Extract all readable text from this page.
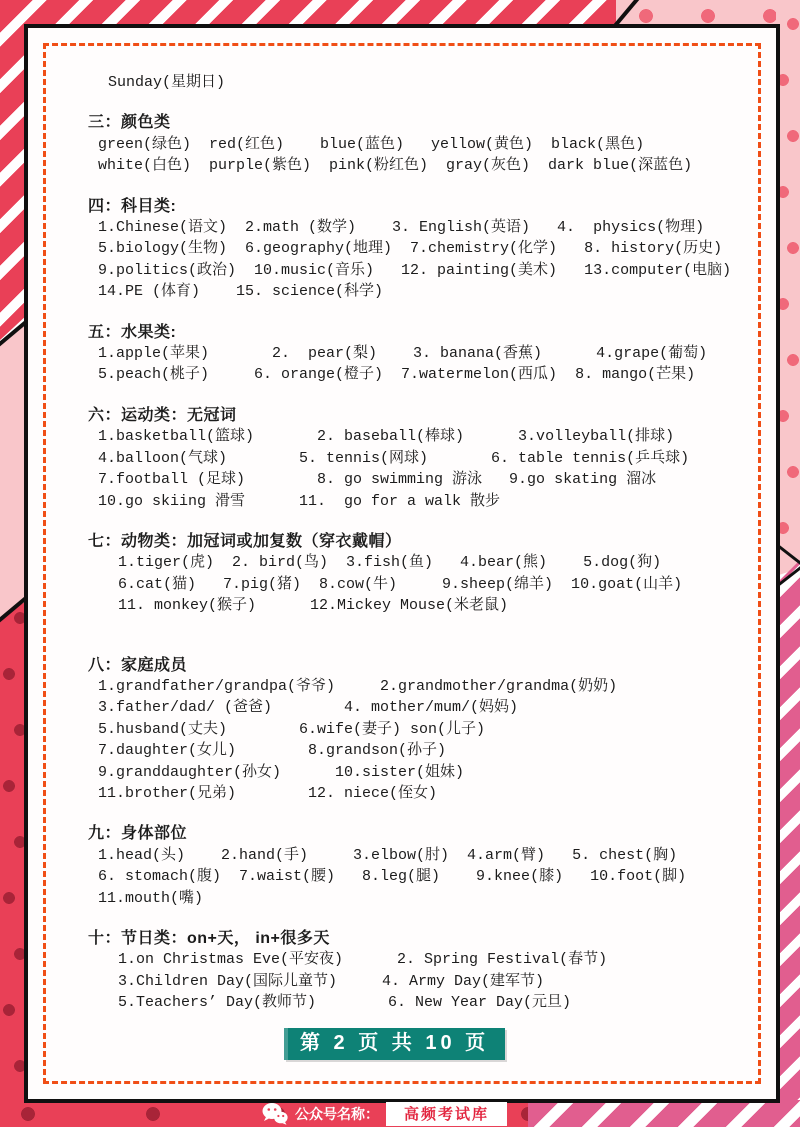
公众号名称：	高频考试库

Sunday(星期日)

三：颜色类

green(绿色)  red(红色)    blue(蓝色)   yellow(黄色)  black(黑色)

white(白色)  purple(紫色)  pink(粉红色)  gray(灰色)  dark blue(深蓝色)

四：科目类:

1.Chinese(语文)  2.math (数学)    3. English(英语)   4.  physics(物理)

5.biology(生物)  6.geography(地理)  7.chemistry(化学)   8. history(历史)

9.politics(政治)  10.music(音乐)   12. painting(美术)   13.computer(电脑)

14.PE (体育)    15. science(科学)

五：水果类:

1.apple(苹果)       2.  pear(梨)    3. banana(香蕉)      4.grape(葡萄)

5.peach(桃子)     6. orange(橙子)  7.watermelon(西瓜)  8. mango(芒果)

六：运动类：无冠词

1.basketball(篮球)       2. baseball(棒球)      3.volleyball(排球)

4.balloon(气球)        5. tennis(网球)       6. table tennis(乒乓球)

7.football (足球)        8. go swimming 游泳   9.go skating 溜冰

10.go skiing 滑雪      11.  go for a walk 散步

七：动物类：加冠词或加复数（穿衣戴帽）

1.tiger(虎)  2. bird(鸟)  3.fish(鱼)   4.bear(熊)    5.dog(狗)

6.cat(猫)   7.pig(猪)  8.cow(牛)     9.sheep(绵羊)  10.goat(山羊)

11. monkey(猴子)      12.Mickey Mouse(米老鼠)

八：家庭成员

1.grandfather/grandpa(爷爷)     2.grandmother/grandma(奶奶)

3.father/dad/ (爸爸)        4. mother/mum/(妈妈)

5.husband(丈夫)        6.wife(妻子) son(儿子)

7.daughter(女儿)        8.grandson(孙子)

9.granddaughter(孙女)      10.sister(姐妹)

11.brother(兄弟)        12. niece(侄女)

九：身体部位

1.head(头)    2.hand(手)     3.elbow(肘)  4.arm(臂)   5. chest(胸)

6. stomach(腹)  7.waist(腰)   8.leg(腿)    9.knee(膝)   10.foot(脚)

11.mouth(嘴)

十：节日类：on+天， in+很多天

1.on Christmas Eve(平安夜)      2. Spring Festival(春节)

3.Children Day(国际儿童节)     4. Army Day(建军节)

5.Teachers’ Day(教师节)        6. New Year Day(元旦)

第 2 页 共 10 页
